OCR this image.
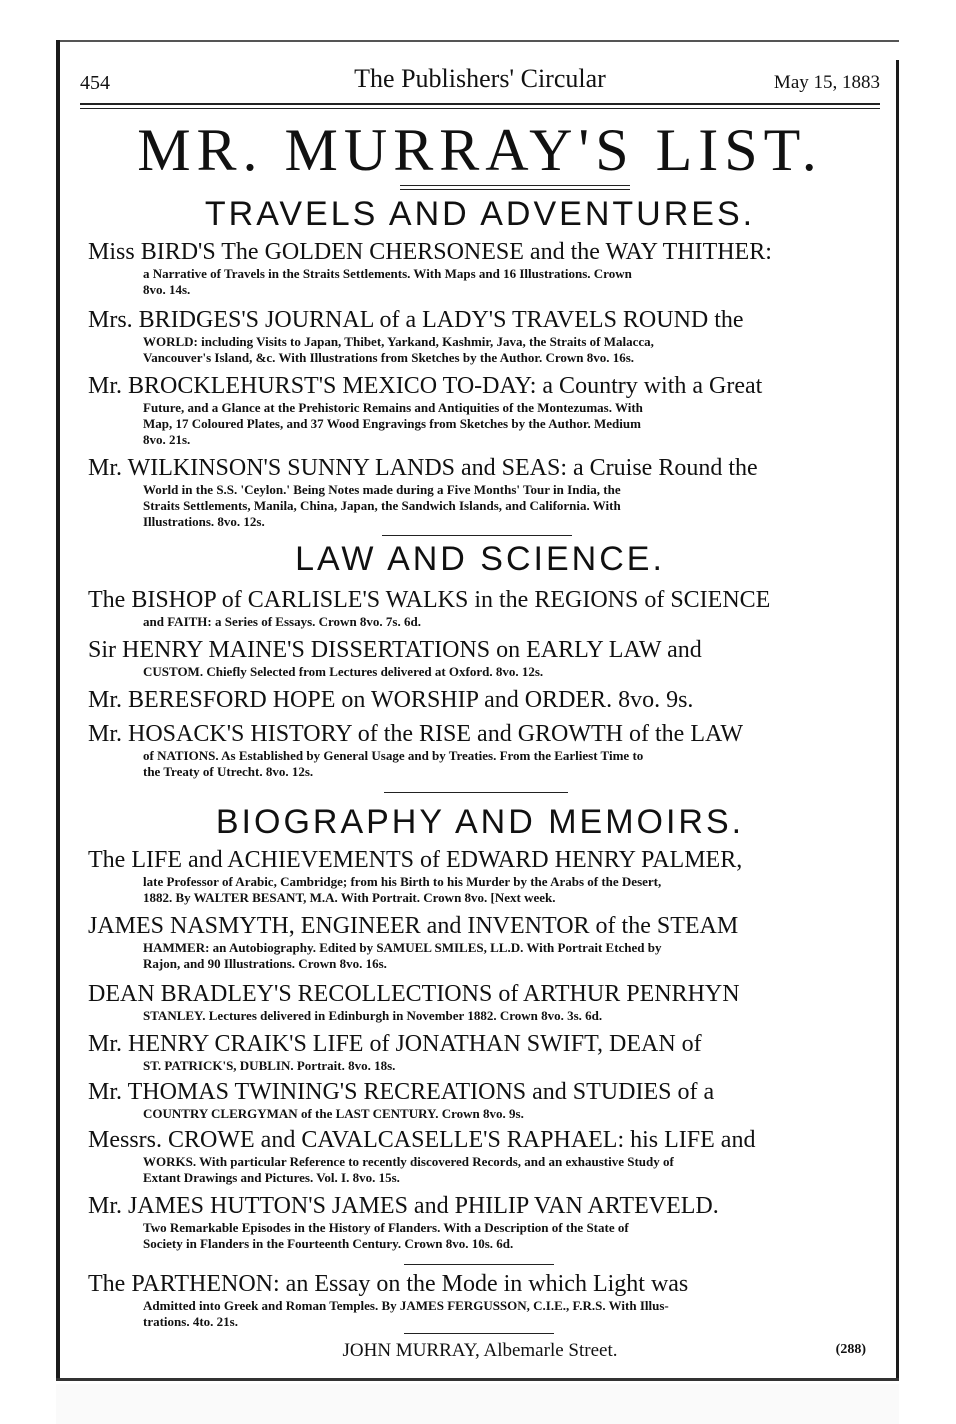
454	The Publishers' Circular	May 15, 1883
MR. MURRAY'S LIST.
TRAVELS AND ADVENTURES.
Miss BIRD'S The GOLDEN CHERSONESE and the WAY THITHER:
a Narrative of Travels in the Straits Settlements. With Maps and 16 Illustrations. Crown
8vo. 14s.
Mrs. BRIDGES'S JOURNAL of a LADY'S TRAVELS ROUND the
WORLD: including Visits to Japan, Thibet, Yarkand, Kashmir, Java, the Straits of Malacca,
Vancouver's Island, &c. With Illustrations from Sketches by the Author. Crown 8vo. 16s.
Mr. BROCKLEHURST'S MEXICO TO-DAY: a Country with a Great
Future, and a Glance at the Prehistoric Remains and Antiquities of the Montezumas. With
Map, 17 Coloured Plates, and 37 Wood Engravings from Sketches by the Author. Medium
8vo. 21s.
Mr. WILKINSON'S SUNNY LANDS and SEAS: a Cruise Round the
World in the S.S. 'Ceylon.' Being Notes made during a Five Months' Tour in India, the
Straits Settlements, Manila, China, Japan, the Sandwich Islands, and California. With
Illustrations. 8vo. 12s.
LAW AND SCIENCE.
The BISHOP of CARLISLE'S WALKS in the REGIONS of SCIENCE
and FAITH: a Series of Essays. Crown 8vo. 7s. 6d.
Sir HENRY MAINE'S DISSERTATIONS on EARLY LAW and
CUSTOM. Chiefly Selected from Lectures delivered at Oxford. 8vo. 12s.
Mr. BERESFORD HOPE on WORSHIP and ORDER. 8vo. 9s.
Mr. HOSACK'S HISTORY of the RISE and GROWTH of the LAW
of NATIONS. As Established by General Usage and by Treaties. From the Earliest Time to
the Treaty of Utrecht. 8vo. 12s.
BIOGRAPHY AND MEMOIRS.
The LIFE and ACHIEVEMENTS of EDWARD HENRY PALMER,
late Professor of Arabic, Cambridge; from his Birth to his Murder by the Arabs of the Desert,
1882. By WALTER BESANT, M.A. With Portrait. Crown 8vo. [Next week.
JAMES NASMYTH, ENGINEER and INVENTOR of the STEAM
HAMMER: an Autobiography. Edited by SAMUEL SMILES, LL.D. With Portrait Etched by
Rajon, and 90 Illustrations. Crown 8vo. 16s.
DEAN BRADLEY'S RECOLLECTIONS of ARTHUR PENRHYN
STANLEY. Lectures delivered in Edinburgh in November 1882. Crown 8vo. 3s. 6d.
Mr. HENRY CRAIK'S LIFE of JONATHAN SWIFT, DEAN of
ST. PATRICK'S, DUBLIN. Portrait. 8vo. 18s.
Mr. THOMAS TWINING'S RECREATIONS and STUDIES of a
COUNTRY CLERGYMAN of the LAST CENTURY. Crown 8vo. 9s.
Messrs. CROWE and CAVALCASELLE'S RAPHAEL: his LIFE and
WORKS. With particular Reference to recently discovered Records, and an exhaustive Study of
Extant Drawings and Pictures. Vol. I. 8vo. 15s.
Mr. JAMES HUTTON'S JAMES and PHILIP VAN ARTEVELD.
Two Remarkable Episodes in the History of Flanders. With a Description of the State of
Society in Flanders in the Fourteenth Century. Crown 8vo. 10s. 6d.
The PARTHENON: an Essay on the Mode in which Light was
Admitted into Greek and Roman Temples. By JAMES FERGUSSON, C.I.E., F.R.S. With Illus-
trations. 4to. 21s.
JOHN MURRAY, Albemarle Street.	(288)
